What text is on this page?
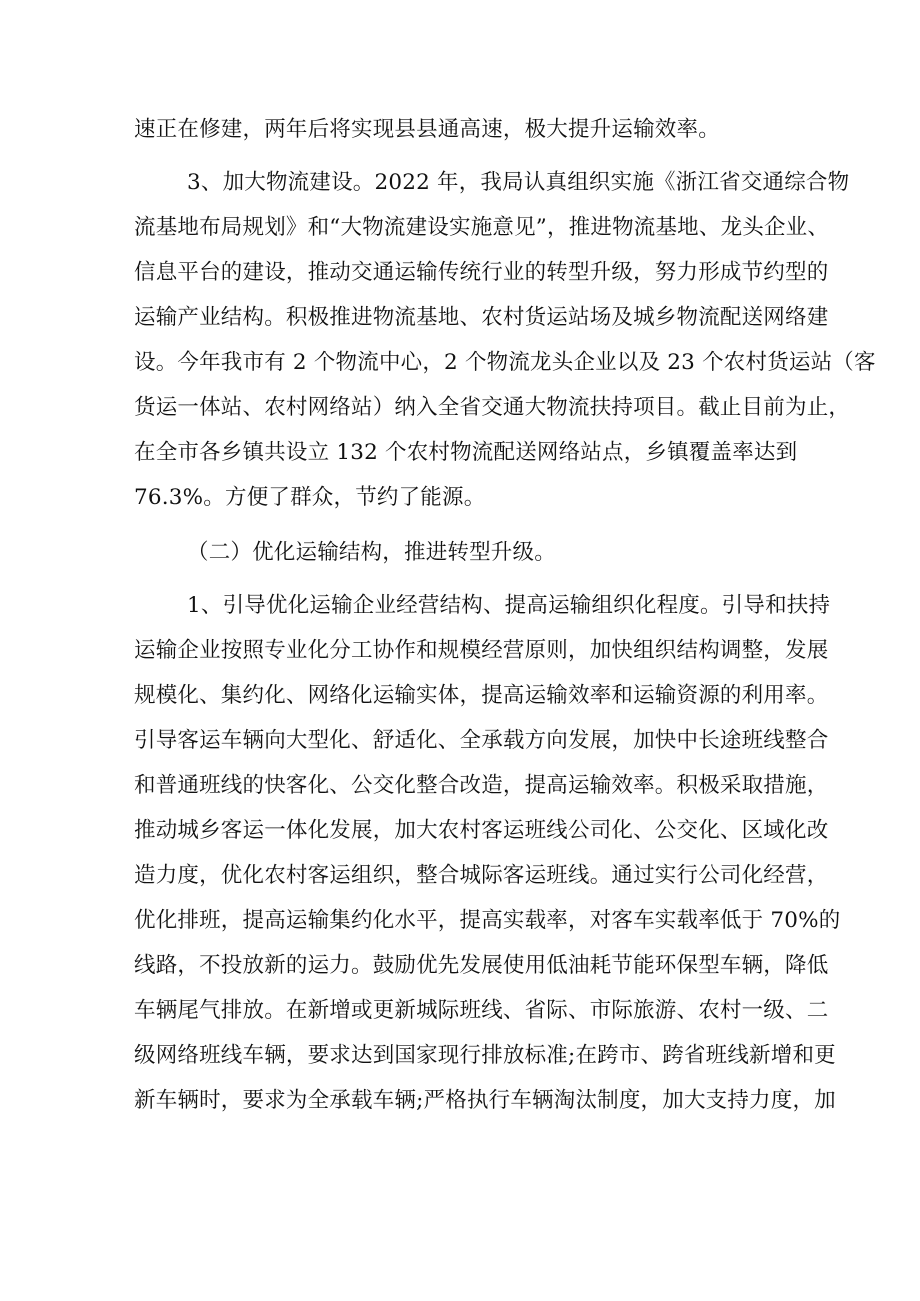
速正在修建，两年后将实现县县通高速，极大提升运输效率。
3、加大物流建设。2022 年，我局认真组织实施《浙江省交通综合物
流基地布局规划》和“大物流建设实施意见”，推进物流基地、龙头企业、
信息平台的建设，推动交通运输传统行业的转型升级，努力形成节约型的
运输产业结构。积极推进物流基地、农村货运站场及城乡物流配送网络建
设。今年我市有 2 个物流中心，2 个物流龙头企业以及 23 个农村货运站（客
货运一体站、农村网络站）纳入全省交通大物流扶持项目。截止目前为止，
在全市各乡镇共设立 132 个农村物流配送网络站点，乡镇覆盖率达到
76.3%。方便了群众，节约了能源。
（二）优化运输结构，推进转型升级。
1、引导优化运输企业经营结构、提高运输组织化程度。引导和扶持
运输企业按照专业化分工协作和规模经营原则，加快组织结构调整，发展
规模化、集约化、网络化运输实体，提高运输效率和运输资源的利用率。
引导客运车辆向大型化、舒适化、全承载方向发展，加快中长途班线整合
和普通班线的快客化、公交化整合改造，提高运输效率。积极采取措施，
推动城乡客运一体化发展，加大农村客运班线公司化、公交化、区域化改
造力度，优化农村客运组织，整合城际客运班线。通过实行公司化经营，
优化排班，提高运输集约化水平，提高实载率，对客车实载率低于 70%的
线路，不投放新的运力。鼓励优先发展使用低油耗节能环保型车辆，降低
车辆尾气排放。在新增或更新城际班线、省际、市际旅游、农村一级、二
级网络班线车辆，要求达到国家现行排放标准;在跨市、跨省班线新增和更
新车辆时，要求为全承载车辆;严格执行车辆淘汰制度，加大支持力度，加
